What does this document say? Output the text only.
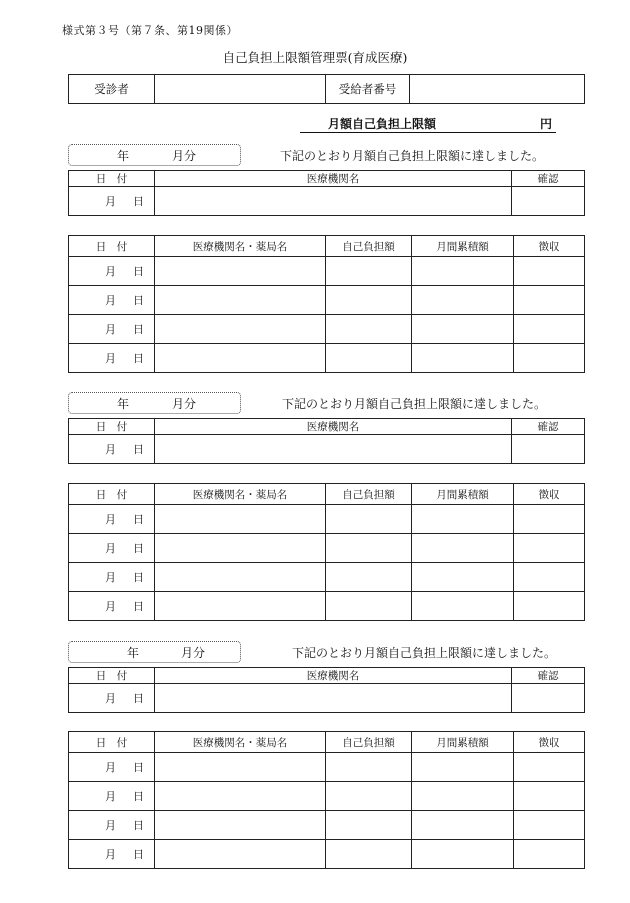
様式第３号（第７条、第19関係）
自己負担上限額管理票(育成医療)
受診者		受給者番号	
月額自己負担上限額	円
年	月分	下記のとおり月額自己負担上限額に達しました。
日　付	医療機関名	確認

月 日		

日　付	医療機関名・薬局名	自己負担額	月間累積額	徴収

月 日				

月 日				

月 日				

月 日				

年	月分	下記のとおり月額自己負担上限額に達しました。
日　付	医療機関名	確認

月 日		

日　付	医療機関名・薬局名	自己負担額	月間累積額	徴収

月 日				

月 日				

月 日				

月 日				

年	月分	下記のとおり月額自己負担上限額に達しました。
日　付	医療機関名	確認

月 日		

日　付	医療機関名・薬局名	自己負担額	月間累積額	徴収

月 日				

月 日				

月 日				

月 日				
